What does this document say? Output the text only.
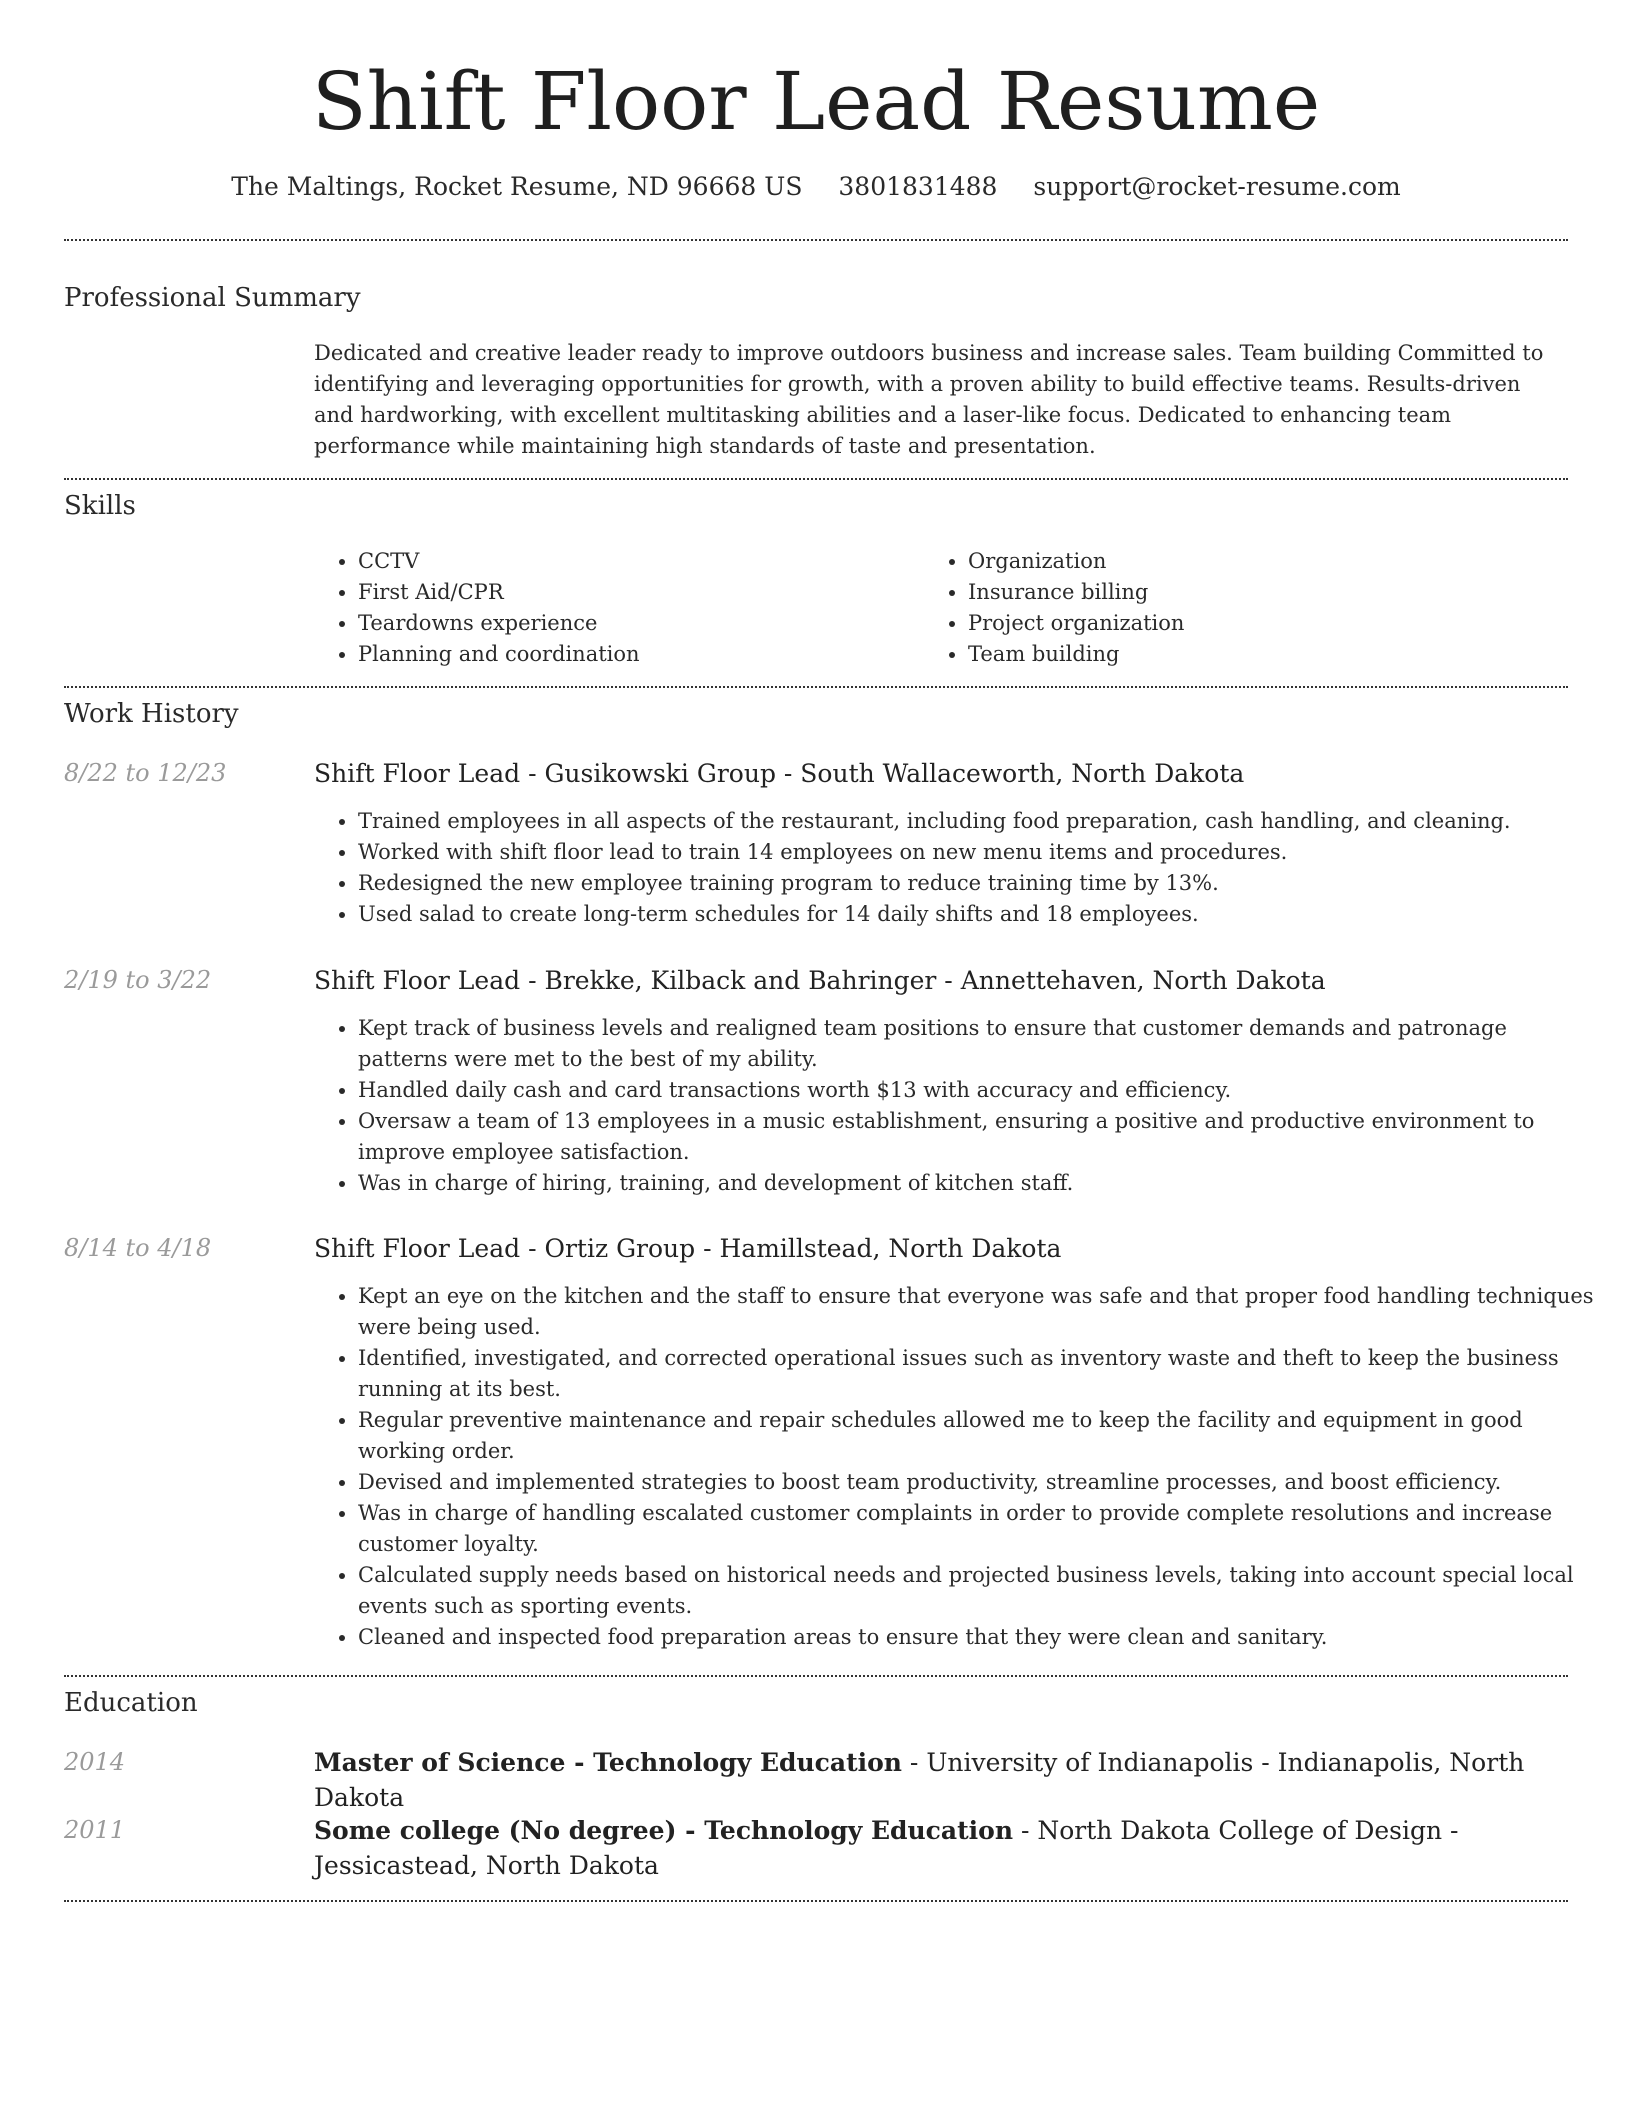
Shift Floor Lead Resume
The Maltings, Rocket Resume, ND 96668 US 3801831488 support@rocket-resume.com
Professional Summary

Dedicated and creative leader ready to improve outdoors business and increase sales. Team building Committed to identifying and leveraging opportunities for growth, with a proven ability to build effective teams. Results-driven and hardworking, with excellent multitasking abilities and a laser-like focus. Dedicated to enhancing team performance while maintaining high standards of taste and presentation.

Skills
• CCTV
• First Aid/CPR
• Teardowns experience
• Planning and coordination
• Organization
• Insurance billing
• Project organization
• Team building
Work History
8/22 to 12/23	Shift Floor Lead - Gusikowski Group - South Wallaceworth, North Dakota
• Trained employees in all aspects of the restaurant, including food preparation, cash handling, and cleaning.
• Worked with shift floor lead to train 14 employees on new menu items and procedures.
• Redesigned the new employee training program to reduce training time by 13%.
• Used salad to create long-term schedules for 14 daily shifts and 18 employees.
2/19 to 3/22	Shift Floor Lead - Brekke, Kilback and Bahringer - Annettehaven, North Dakota
• Kept track of business levels and realigned team positions to ensure that customer demands and patronage patterns were met to the best of my ability.
• Handled daily cash and card transactions worth $13 with accuracy and efficiency.
• Oversaw a team of 13 employees in a music establishment, ensuring a positive and productive environment to improve employee satisfaction.
• Was in charge of hiring, training, and development of kitchen staff.
8/14 to 4/18	Shift Floor Lead - Ortiz Group - Hamillstead, North Dakota
• Kept an eye on the kitchen and the staff to ensure that everyone was safe and that proper food handling techniques were being used.
• Identified, investigated, and corrected operational issues such as inventory waste and theft to keep the business running at its best.
• Regular preventive maintenance and repair schedules allowed me to keep the facility and equipment in good working order.
• Devised and implemented strategies to boost team productivity, streamline processes, and boost efficiency.
• Was in charge of handling escalated customer complaints in order to provide complete resolutions and increase customer loyalty.
• Calculated supply needs based on historical needs and projected business levels, taking into account special local events such as sporting events.
• Cleaned and inspected food preparation areas to ensure that they were clean and sanitary.
Education
2014	Master of Science - Technology Education - University of Indianapolis - Indianapolis, North Dakota
2011	Some college (No degree) - Technology Education - North Dakota College of Design - Jessicastead, North Dakota
